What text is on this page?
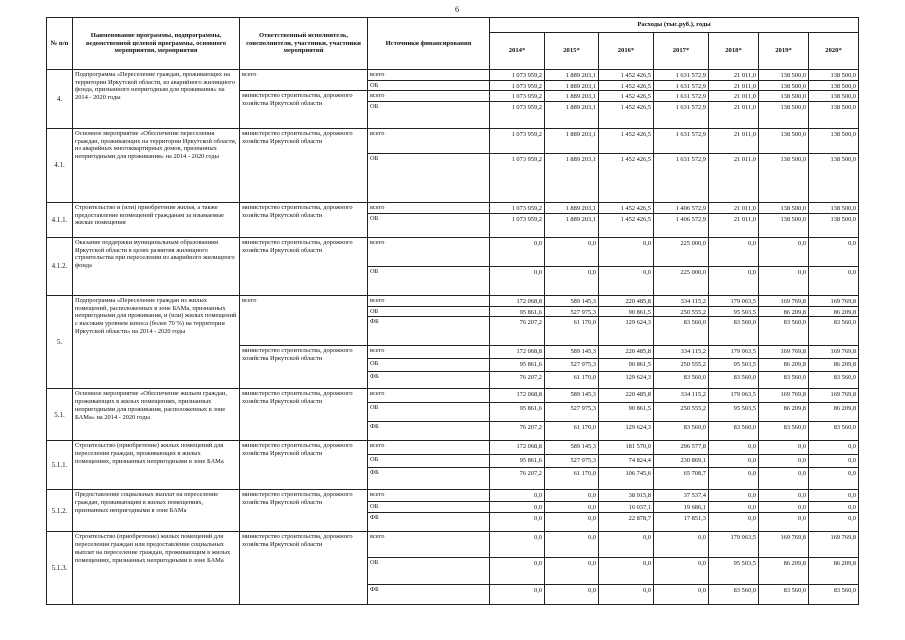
6
№ п/п	Наименование программы, подпрограммы, ведомственной целевой программы, основного мероприятия, мероприятия	Ответственный исполнитель, соисполнители, участники, участники мероприятий	Источники финансирования	Расходы (тыс.руб.), годы						
				2014*	2015*	2016*	2017*	2018*	2019*	2020*
4.	Подпрограмма «Переселение граждан, проживающих на территории Иркутской области, из аварийного жилищного фонда, признанного непригодным для проживания» на 2014 - 2020 годы	всего	всего	1 073 959,2	1 889 203,1	1 452 426,5	1 631 572,9	21 011,0	138 500,0	138 500,0
			ОБ	1 073 959,2	1 889 203,1	1 452 426,5	1 631 572,9	21 011,0	138 500,0	138 500,0
		министерство строительства, дорожного хозяйства Иркутской области	всего	1 073 959,2	1 889 203,1	1 452 426,5	1 631 572,9	21 011,0	138 500,0	138 500,0
			ОБ	1 073 959,2	1 889 203,1	1 452 426,5	1 631 572,9	21 011,0	138 500,0	138 500,0
4.1.	Основное мероприятие «Обеспечение переселения граждан, проживающих на территории Иркутской области, из аварийных многоквартирных домов, признанных непригодными для проживания» на 2014 - 2020 годы	министерство строительства, дорожного хозяйства Иркутской области	всего	1 073 959,2	1 889 203,1	1 452 426,5	1 631 572,9	21 011,0	138 500,0	138 500,0
			ОБ	1 073 959,2	1 889 203,1	1 452 426,5	1 631 572,9	21 011,0	138 500,0	138 500,0
4.1.1.	Строительство и (или) приобретение жилья, а также предоставление возмещений гражданам за изымаемые жилые помещения	министерство строительства, дорожного хозяйства Иркутской области	всего	1 073 959,2	1 889 203,1	1 452 426,5	1 406 572,9	21 011,0	138 500,0	138 500,0
			ОБ	1 073 959,2	1 889 203,1	1 452 426,5	1 406 572,9	21 011,0	138 500,0	138 500,0
4.1.2.	Оказание поддержки муниципальным образованиям Иркутской области в целях развития жилищного строительства при переселении из аварийного жилищного фонда	министерство строительства, дорожного хозяйства Иркутской области	всего	0,0	0,0	0,0	225 000,0	0,0	0,0	0,0
			ОБ	0,0	0,0	0,0	225 000,0	0,0	0,0	0,0
5.	Подпрограмма «Переселение граждан из жилых помещений, расположенных в зоне БАМа, признанных непригодными для проживания, и (или) жилых помещений с высоким уровнем износа (более 70 %) на территории Иркутской области» на 2014 - 2020 годы	всего	всего	172 068,8	589 145,3	220 485,8	334 115,2	179 063,5	169 769,8	169 769,8
			ОБ	95 861,6	527 975,3	90 861,5	250 555,2	95 503,5	86 209,8	86 209,8
			ФБ	76 207,2	61 170,0	129 624,3	83 560,0	83 560,0	83 560,0	83 560,0
		министерство строительства, дорожного хозяйства Иркутской области	всего	172 068,8	589 145,3	220 485,8	334 115,2	179 063,5	169 769,8	169 769,8
			ОБ	95 861,6	527 975,3	90 861,5	250 555,2	95 503,5	86 209,8	86 209,8
			ФБ	76 207,2	61 170,0	129 624,3	83 560,0	83 560,0	83 560,0	83 560,0
5.1.	Основное мероприятие «Обеспечение жильем граждан, проживающих в жилых помещениях, признанных непригодными для проживания, расположенных в зоне БАМа» на 2014 - 2020 годы	министерство строительства, дорожного хозяйства Иркутской области	всего	172 068,8	589 145,3	220 485,8	334 115,2	179 063,5	169 769,8	169 769,8
			ОБ	95 861,6	527 975,3	90 861,5	250 555,2	95 503,5	86 209,8	86 209,8
			ФБ	76 207,2	61 170,0	129 624,3	83 560,0	83 560,0	83 560,0	83 560,0
5.1.1.	Строительство (приобретение) жилых помещений для переселения граждан, проживающих в жилых помещениях, признанных непригодными в зоне БАМа	министерство строительства, дорожного хозяйства Иркутской области	всего	172 068,8	589 145,3	181 570,0	296 577,8	0,0	0,0	0,0
			ОБ	95 861,6	527 975,3	74 824,4	230 869,1	0,0	0,0	0,0
			ФБ	76 207,2	61 170,0	106 745,6	65 708,7	0,0	0,0	0,0
5.1.2.	Предоставление социальных выплат на переселение граждан, проживающим в жилых помещениях, признанных непригодными в зоне БАМа	министерство строительства, дорожного хозяйства Иркутской области	всего	0,0	0,0	38 915,8	37 537,4	0,0	0,0	0,0
			ОБ	0,0	0,0	16 037,1	19 686,1	0,0	0,0	0,0
			ФБ	0,0	0,0	22 878,7	17 851,3	0,0	0,0	0,0
5.1.3.	Строительство (приобретение) жилых помещений для переселения граждан или предоставление социальных выплат на переселение граждан, проживающим в жилых помещениях, признанных непригодными в зоне БАМа	министерство строительства, дорожного хозяйства Иркутской области	всего	0,0	0,0	0,0	0,0	179 063,5	169 769,8	169 769,8
			ОБ	0,0	0,0	0,0	0,0	95 503,5	86 209,8	86 209,8
			ФБ	0,0	0,0	0,0	0,0	83 560,0	83 560,0	83 560,0
